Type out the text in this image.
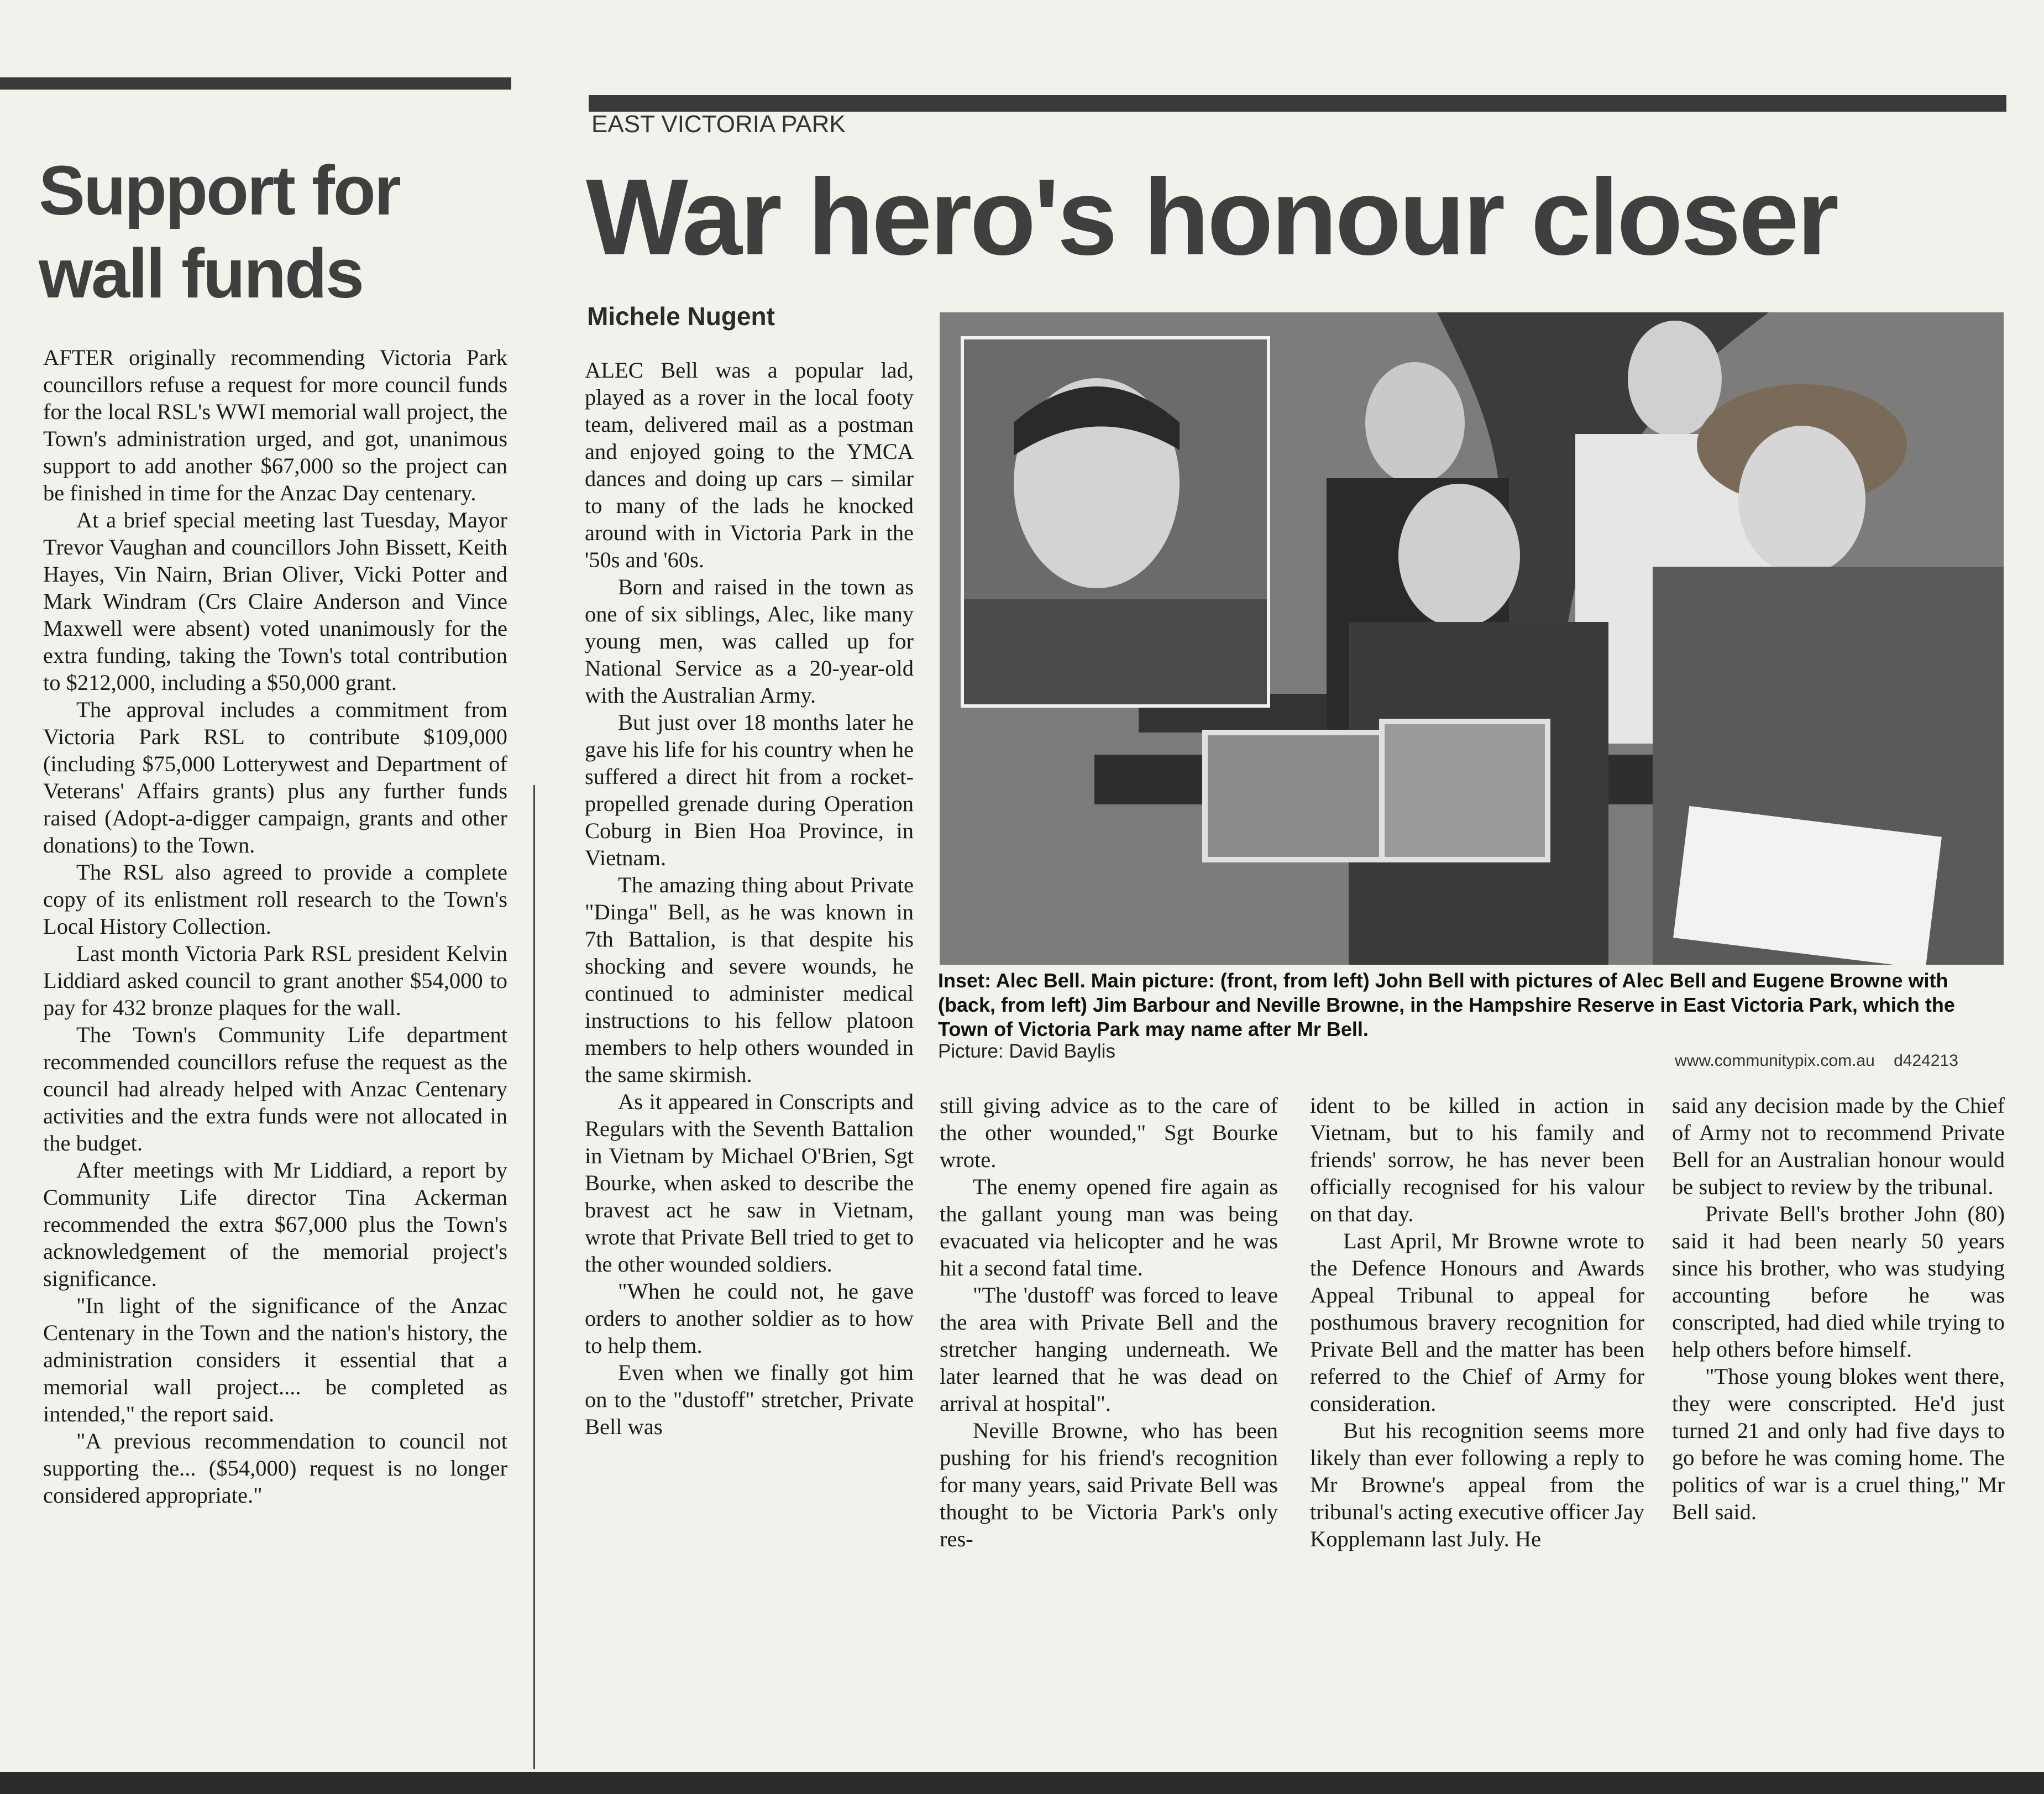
Support for
wall funds

AFTER originally recommending Victoria Park councillors refuse a request for more council funds for the local RSL's WWI memorial wall project, the Town's administration urged, and got, unanimous support to add another $67,000 so the project can be finished in time for the Anzac Day centenary.

At a brief special meeting last Tuesday, Mayor Trevor Vaughan and councillors John Bissett, Keith Hayes, Vin Nairn, Brian Oliver, Vicki Potter and Mark Windram (Crs Claire Anderson and Vince Maxwell were absent) voted unanimously for the extra funding, taking the Town's total contribution to $212,000, including a $50,000 grant.

The approval includes a commitment from Victoria Park RSL to contribute $109,000 (including $75,000 Lotterywest and Department of Veterans' Affairs grants) plus any further funds raised (Adopt-a-digger campaign, grants and other donations) to the Town.

The RSL also agreed to provide a complete copy of its enlistment roll research to the Town's Local History Collection.

Last month Victoria Park RSL president Kelvin Liddiard asked council to grant another $54,000 to pay for 432 bronze plaques for the wall.

The Town's Community Life department recommended councillors refuse the request as the council had already helped with Anzac Centenary activities and the extra funds were not allocated in the budget.

After meetings with Mr Liddiard, a report by Community Life director Tina Ackerman recommended the extra $67,000 plus the Town's acknowledgement of the memorial project's significance.

"In light of the significance of the Anzac Centenary in the Town and the nation's history, the administration considers it essential that a memorial wall project.... be completed as intended," the report said.

"A previous recommendation to council not supporting the... ($54,000) request is no longer considered appropriate."

EAST VICTORIA PARK
War hero's honour closer
Michele Nugent

ALEC Bell was a popular lad, played as a rover in the local footy team, delivered mail as a postman and enjoyed going to the YMCA dances and doing up cars – similar to many of the lads he knocked around with in Victoria Park in the '50s and '60s.

Born and raised in the town as one of six siblings, Alec, like many young men, was called up for National Service as a 20-year-old with the Australian Army.

But just over 18 months later he gave his life for his country when he suffered a direct hit from a rocket-propelled grenade during Operation Coburg in Bien Hoa Province, in Vietnam.

The amazing thing about Private "Dinga" Bell, as he was known in 7th Battalion, is that despite his shocking and severe wounds, he continued to administer medical instructions to his fellow platoon members to help others wounded in the same skirmish.

As it appeared in Conscripts and Regulars with the Seventh Battalion in Vietnam by Michael O'Brien, Sgt Bourke, when asked to describe the bravest act he saw in Vietnam, wrote that Private Bell tried to get to the other wounded soldiers.

"When he could not, he gave orders to another soldier as to how to help them.

Even when we finally got him on to the "dustoff" stretcher, Private Bell was

Inset: Alec Bell. Main picture: (front, from left) John Bell with pictures of Alec Bell and Eugene Browne with (back, from left) Jim Barbour and Neville Browne, in the Hampshire Reserve in East Victoria Park, which the Town of Victoria Park may name after Mr Bell.
Picture: David Baylis	www.communitypix.com.au d424213

still giving advice as to the care of the other wounded," Sgt Bourke wrote.

The enemy opened fire again as the gallant young man was being evacuated via helicopter and he was hit a second fatal time.

"The 'dustoff' was forced to leave the area with Private Bell and the stretcher hanging underneath. We later learned that he was dead on arrival at hospital".

Neville Browne, who has been pushing for his friend's recognition for many years, said Private Bell was thought to be Victoria Park's only res-

ident to be killed in action in Vietnam, but to his family and friends' sorrow, he has never been officially recognised for his valour on that day.

Last April, Mr Browne wrote to the Defence Honours and Awards Appeal Tribunal to appeal for posthumous bravery recognition for Private Bell and the matter has been referred to the Chief of Army for consideration.

But his recognition seems more likely than ever following a reply to Mr Browne's appeal from the tribunal's acting executive officer Jay Kopplemann last July. He

said any decision made by the Chief of Army not to recommend Private Bell for an Australian honour would be subject to review by the tribunal.

Private Bell's brother John (80) said it had been nearly 50 years since his brother, who was studying accounting before he was conscripted, had died while trying to help others before himself.

"Those young blokes went there, they were conscripted. He'd just turned 21 and only had five days to go before he was coming home. The politics of war is a cruel thing," Mr Bell said.
